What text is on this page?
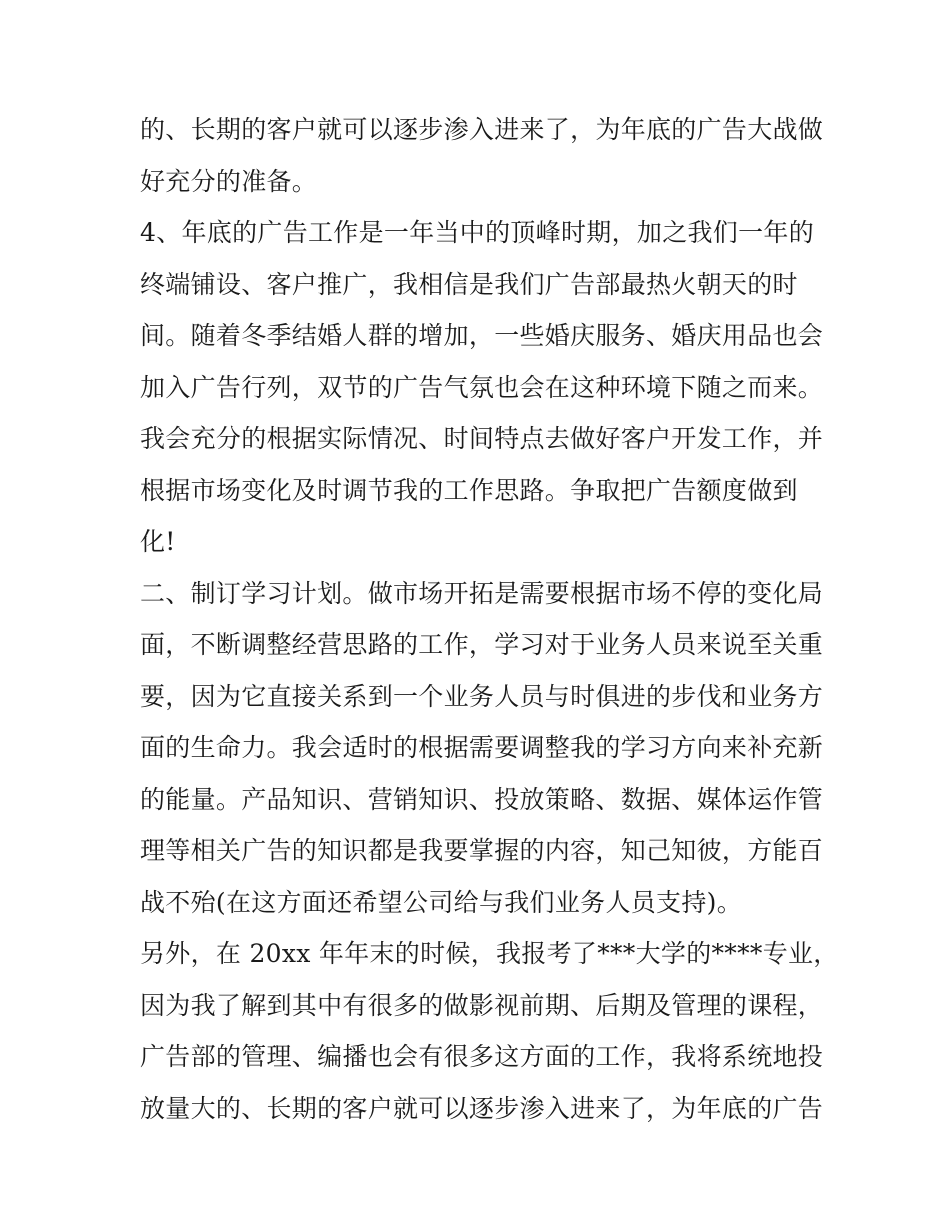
的、长期的客户就可以逐步渗入进来了，为年底的广告大战做
好充分的准备。
4、年底的广告工作是一年当中的顶峰时期，加之我们一年的
终端铺设、客户推广，我相信是我们广告部最热火朝天的时
间。随着冬季结婚人群的增加，一些婚庆服务、婚庆用品也会
加入广告行列，双节的广告气氛也会在这种环境下随之而来。
我会充分的根据实际情况、时间特点去做好客户开发工作，并
根据市场变化及时调节我的工作思路。争取把广告额度做到
化!
二、制订学习计划。做市场开拓是需要根据市场不停的变化局
面，不断调整经营思路的工作，学习对于业务人员来说至关重
要，因为它直接关系到一个业务人员与时俱进的步伐和业务方
面的生命力。我会适时的根据需要调整我的学习方向来补充新
的能量。产品知识、营销知识、投放策略、数据、媒体运作管
理等相关广告的知识都是我要掌握的内容，知己知彼，方能百
战不殆(在这方面还希望公司给与我们业务人员支持)。
另外，在 20xx 年年末的时候，我报考了***大学的****专业，
因为我了解到其中有很多的做影视前期、后期及管理的课程，
广告部的管理、编播也会有很多这方面的工作，我将系统地投
放量大的、长期的客户就可以逐步渗入进来了，为年底的广告
